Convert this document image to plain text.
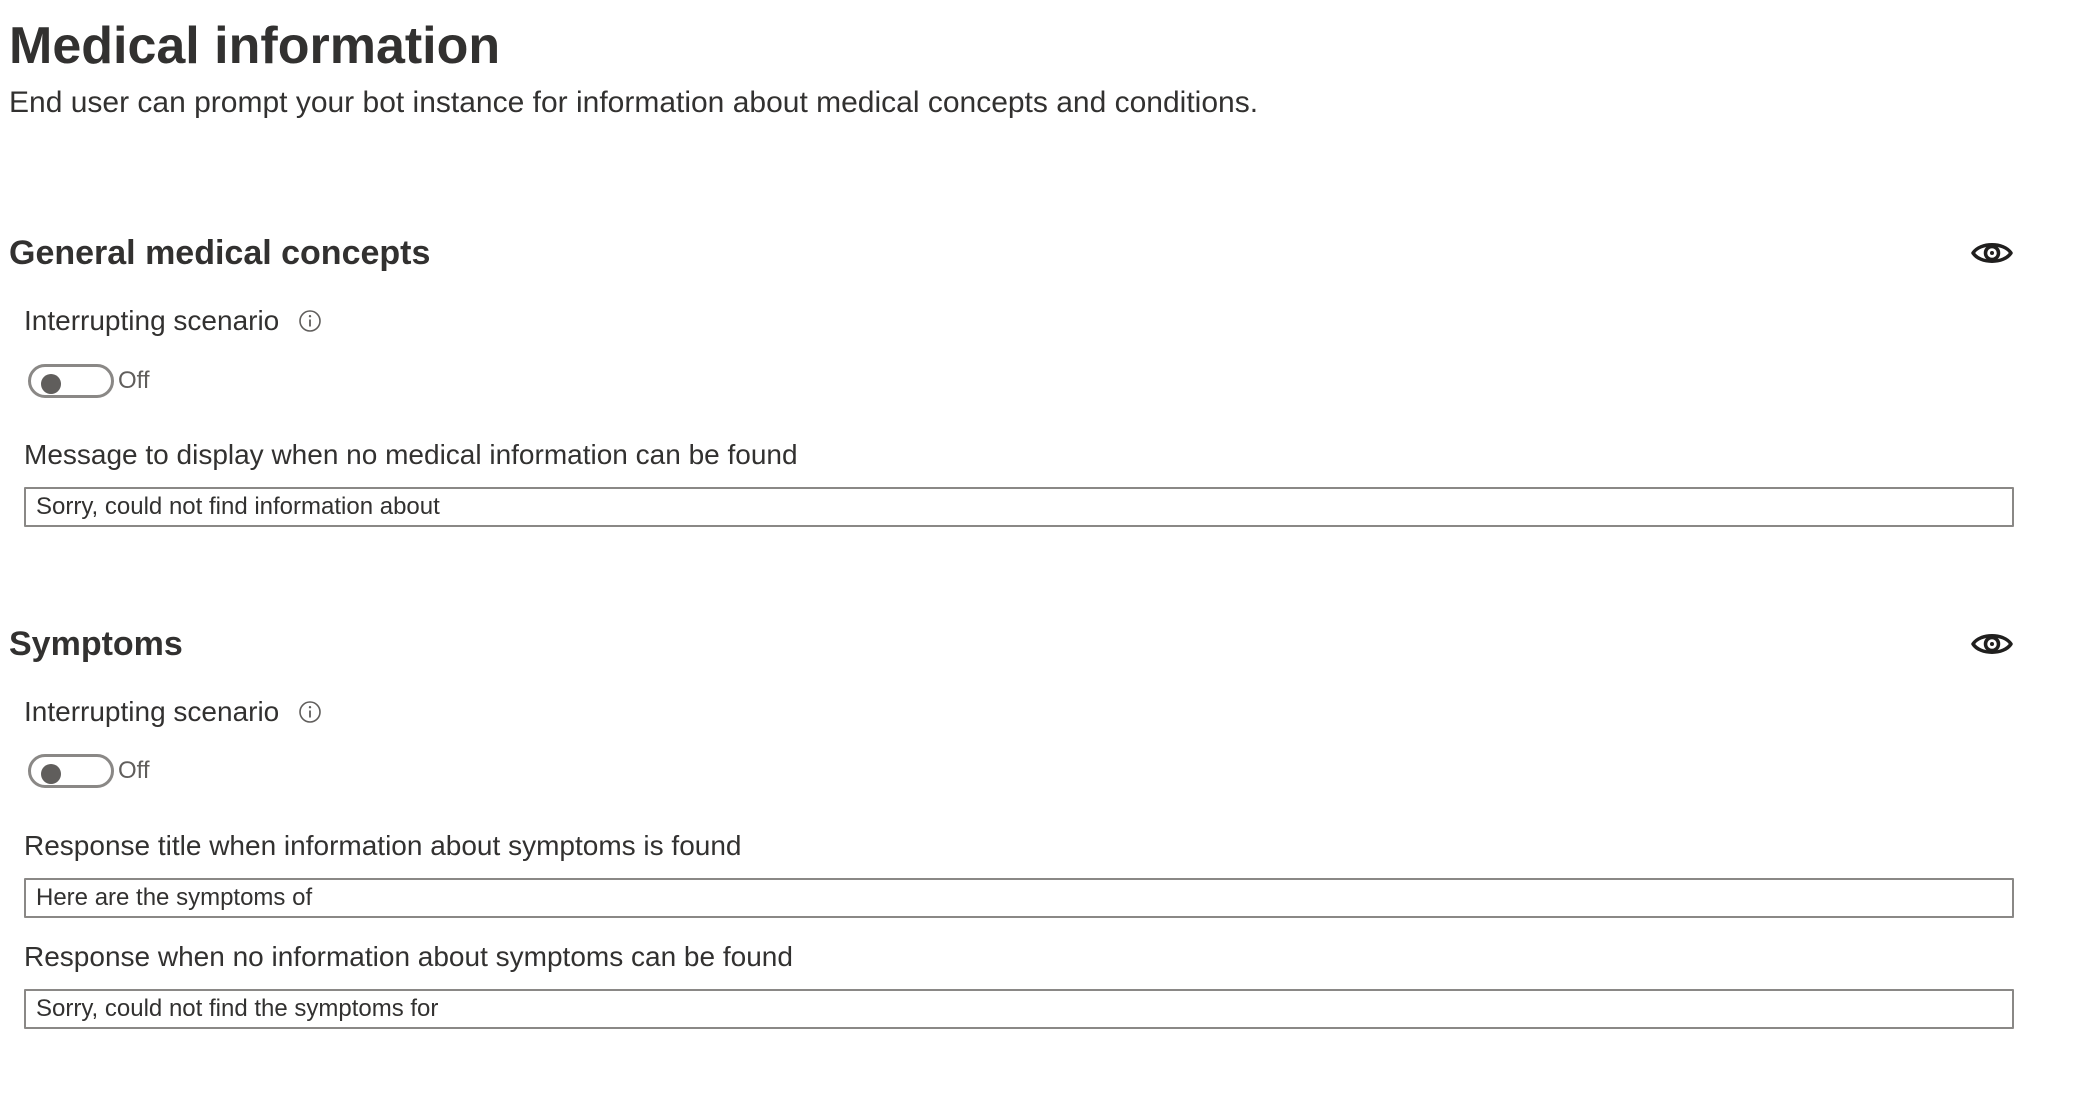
Medical information

End user can prompt your bot instance for information about medical concepts and conditions.

General medical concepts
Interrupting scenario
Off
Message to display when no medical information can be found
Sorry, could not find information about
Symptoms
Interrupting scenario
Off
Response title when information about symptoms is found
Here are the symptoms of
Response when no information about symptoms can be found
Sorry, could not find the symptoms for
